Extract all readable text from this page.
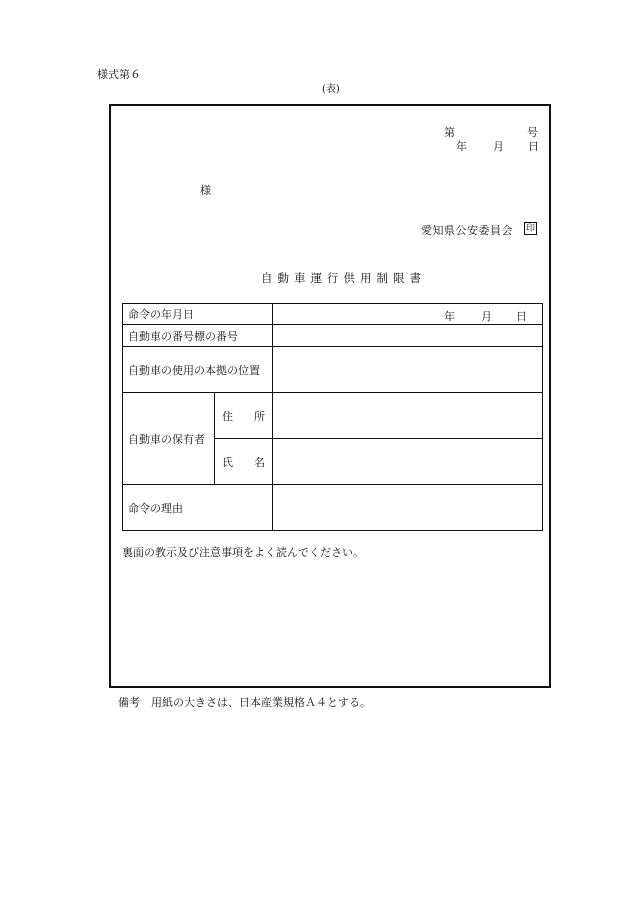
様式第６
(表)
第	号
年 月 日
様
愛知県公安委員会 印
自動車運行供用制限書
命令の年月日		年 月 日

自動車の番号標の番号		
自動車の使用の本拠の位置		
自動車の保有者	住 所	

	氏 名	

命令の理由		
裏面の教示及び注意事項をよく読んでください。
備考 用紙の大きさは、日本産業規格Ａ４とする。
